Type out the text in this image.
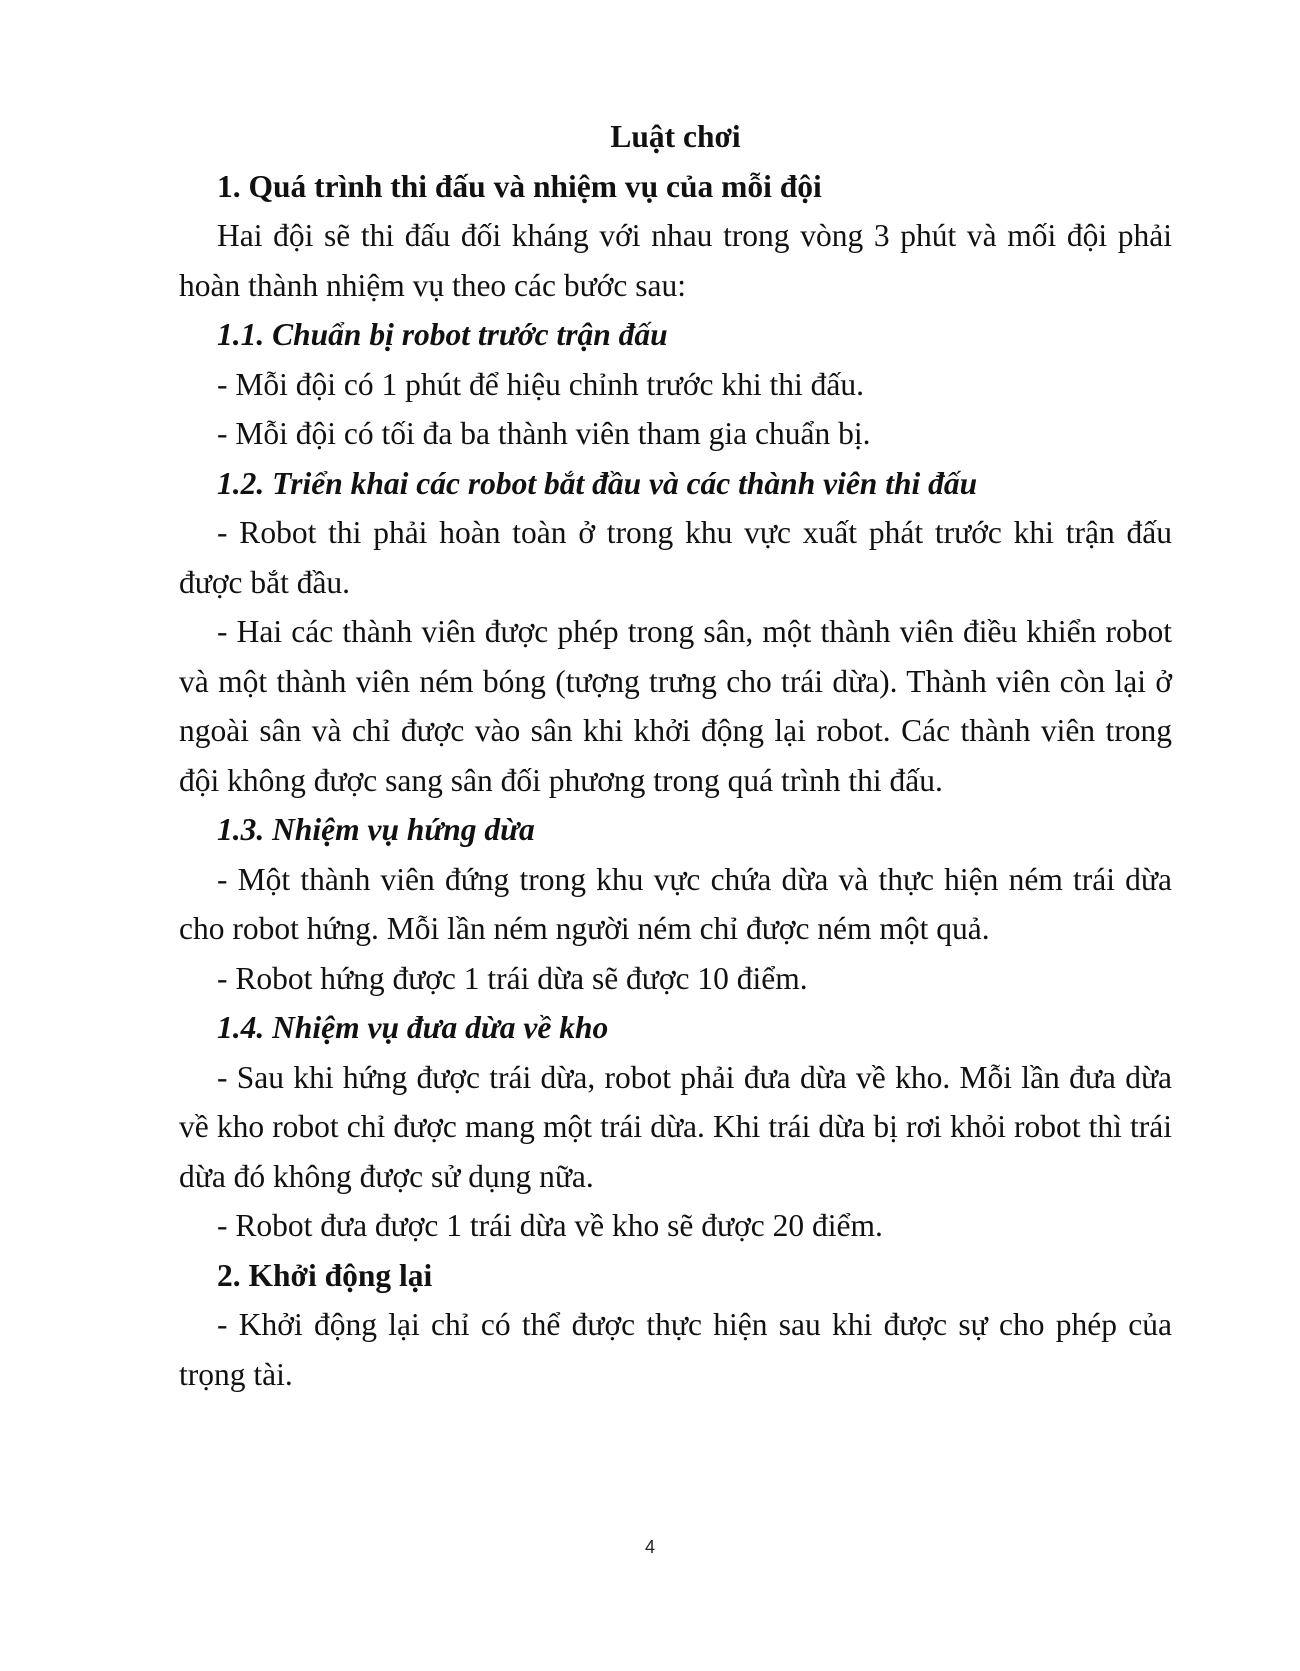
Luật chơi

1. Quá trình thi đấu và nhiệm vụ của mỗi đội

Hai đội sẽ thi đấu đối kháng với nhau trong vòng 3 phút và mối đội phải hoàn thành nhiệm vụ theo các bước sau:

1.1. Chuẩn bị robot trước trận đấu

- Mỗi đội có 1 phút để hiệu chỉnh trước khi thi đấu.

- Mỗi đội có tối đa ba thành viên tham gia chuẩn bị.

1.2. Triển khai các robot bắt đầu và các thành viên thi đấu

- Robot thi phải hoàn toàn ở trong khu vực xuất phát trước khi trận đấu được bắt đầu.

- Hai các thành viên được phép trong sân, một thành viên điều khiển robot và một thành viên ném bóng (tượng trưng cho trái dừa). Thành viên còn lại ở ngoài sân và chỉ được vào sân khi khởi động lại robot. Các thành viên trong đội không được sang sân đối phương trong quá trình thi đấu.

1.3. Nhiệm vụ hứng dừa

- Một thành viên đứng trong khu vực chứa dừa và thực hiện ném trái dừa cho robot hứng. Mỗi lần ném người ném chỉ được ném một quả.

- Robot hứng được 1 trái dừa sẽ được 10 điểm.

1.4. Nhiệm vụ đưa dừa về kho

- Sau khi hứng được trái dừa, robot phải đưa dừa về kho. Mỗi lần đưa dừa về kho robot chỉ được mang một trái dừa. Khi trái dừa bị rơi khỏi robot thì trái dừa đó không được sử dụng nữa.

- Robot đưa được 1 trái dừa về kho sẽ được 20 điểm.

2. Khởi động lại

- Khởi động lại chỉ có thể được thực hiện sau khi được sự cho phép của trọng tài.

4
